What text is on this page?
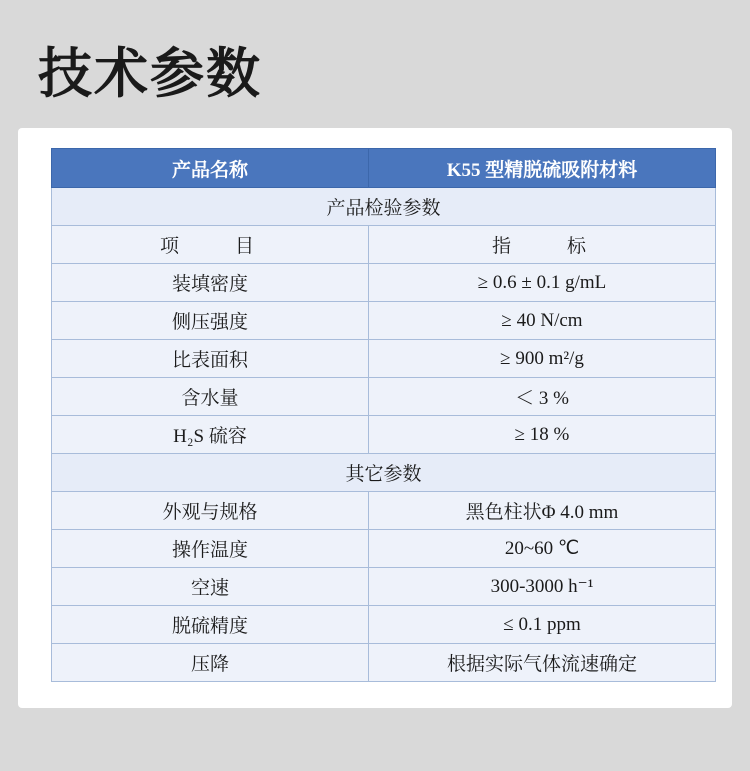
技术参数
产品名称	K55 型精脱硫吸附材料
产品检验参数	
项　　目	指　　标
装填密度	≥ 0.6 ± 0.1 g/mL
侧压强度	≥ 40 N/cm
比表面积	≥ 900 m²/g
含水量	＜ 3 %
H₂S 硫容	≥ 18 %
其它参数	
外观与规格	黑色柱状Φ 4.0 mm
操作温度	20~60 ℃
空速	300-3000 h⁻¹
脱硫精度	≤ 0.1 ppm
压降	根据实际气体流速确定
